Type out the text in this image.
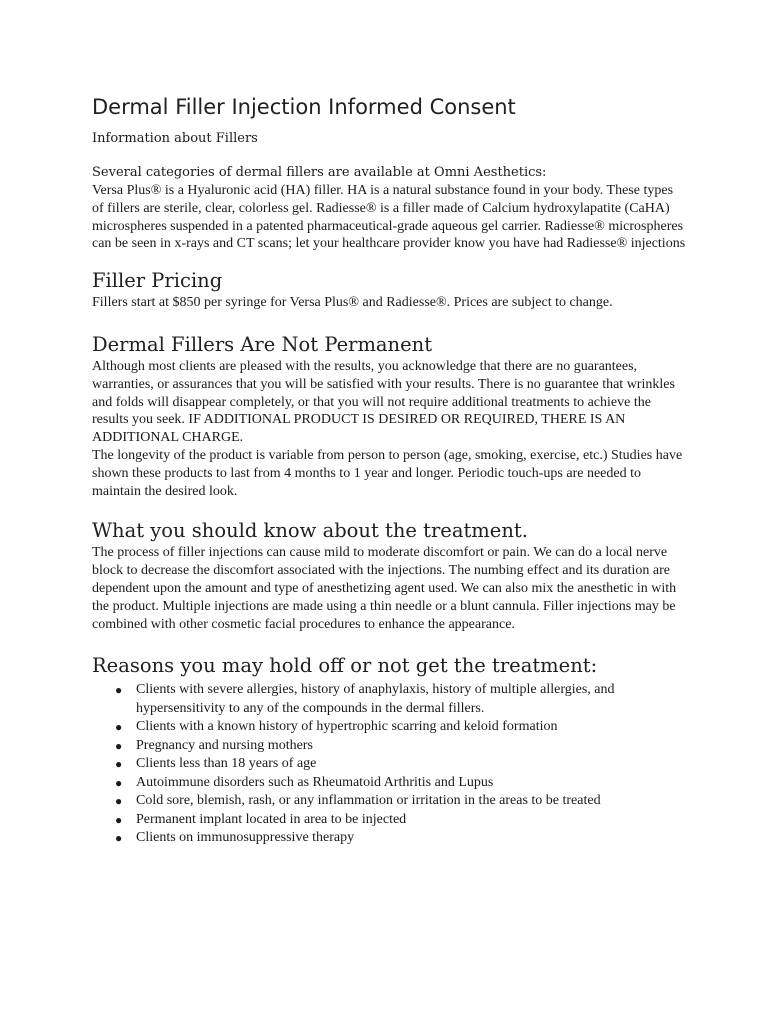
Dermal Filler Injection Informed Consent

Information about Fillers

Several categories of dermal fillers are available at Omni Aesthetics:

Versa Plus® is a Hyaluronic acid (HA) filler. HA is a natural substance found in your body. These types of fillers are sterile, clear, colorless gel. Radiesse® is a filler made of Calcium hydroxylapatite (CaHA) microspheres suspended in a patented pharmaceutical-grade aqueous gel carrier. Radiesse® microspheres can be seen in x-rays and CT scans; let your healthcare provider know you have had Radiesse® injections

Filler Pricing

Fillers start at $850 per syringe for Versa Plus® and Radiesse®. Prices are subject to change.

Dermal Fillers Are Not Permanent

Although most clients are pleased with the results, you acknowledge that there are no guarantees, warranties, or assurances that you will be satisfied with your results. There is no guarantee that wrinkles and folds will disappear completely, or that you will not require additional treatments to achieve the results you seek. IF ADDITIONAL PRODUCT IS DESIRED OR REQUIRED, THERE IS AN ADDITIONAL CHARGE.

The longevity of the product is variable from person to person (age, smoking, exercise, etc.) Studies have shown these products to last from 4 months to 1 year and longer. Periodic touch-ups are needed to maintain the desired look.

What you should know about the treatment.

The process of filler injections can cause mild to moderate discomfort or pain. We can do a local nerve block to decrease the discomfort associated with the injections. The numbing effect and its duration are dependent upon the amount and type of anesthetizing agent used. We can also mix the anesthetic in with the product. Multiple injections are made using a thin needle or a blunt cannula. Filler injections may be combined with other cosmetic facial procedures to enhance the appearance.

Reasons you may hold off or not get the treatment:
● Clients with severe allergies, history of anaphylaxis, history of multiple allergies, and hypersensitivity to any of the compounds in the dermal fillers.
● Clients with a known history of hypertrophic scarring and keloid formation
● Pregnancy and nursing mothers
● Clients less than 18 years of age
● Autoimmune disorders such as Rheumatoid Arthritis and Lupus
● Cold sore, blemish, rash, or any inflammation or irritation in the areas to be treated
● Permanent implant located in area to be injected
● Clients on immunosuppressive therapy
